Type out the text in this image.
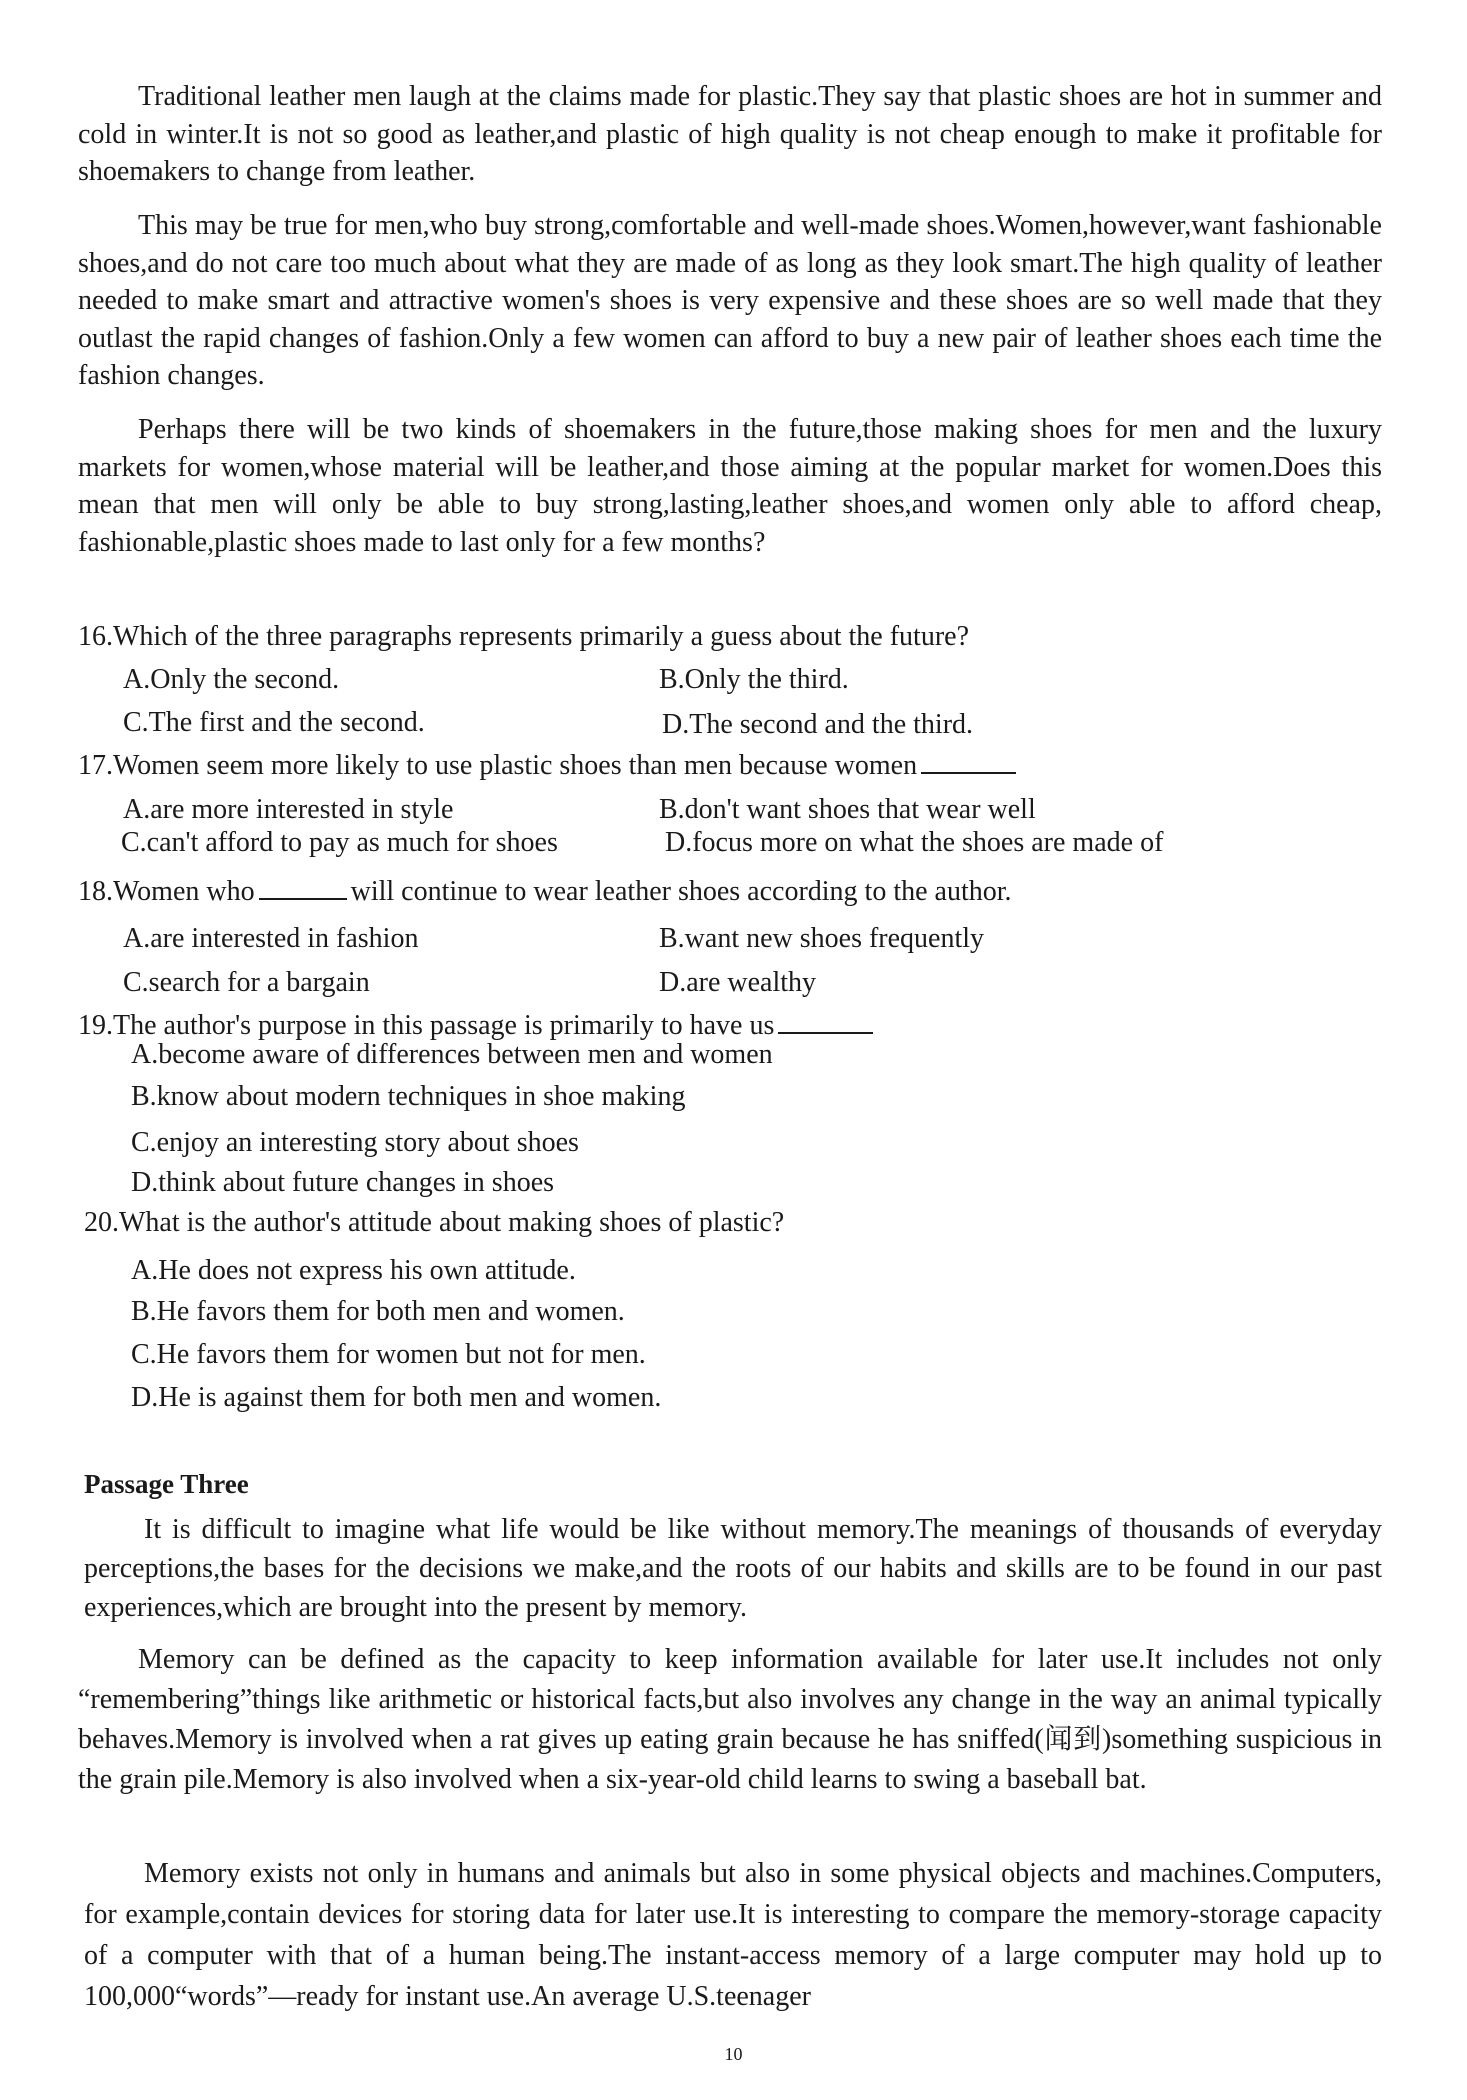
Traditional leather men laugh at the claims made for plastic.They say that plastic shoes are hot in summer and cold in winter.It is not so good as leather,and plastic of high quality is not cheap enough to make it profitable for shoemakers to change from leather.

This may be true for men,who buy strong,comfortable and well-made shoes.Women,however,want fashionable shoes,and do not care too much about what they are made of as long as they look smart.The high quality of leather needed to make smart and attractive women's shoes is very expensive and these shoes are so well made that they outlast the rapid changes of fashion.Only a few women can afford to buy a new pair of leather shoes each time the fashion changes.

Perhaps there will be two kinds of shoemakers in the future,those making shoes for men and the luxury markets for women,whose material will be leather,and those aiming at the popular market for women.Does this mean that men will only be able to buy strong,lasting,leather shoes,and women only able to afford cheap, fashionable,plastic shoes made to last only for a few months?

16.Which of the three paragraphs represents primarily a guess about the future?
A.Only the second.	B.Only the third.
C.The first and the second.	D.The second and the third.
17.Women seem more likely to use plastic shoes than men because women
A.are more interested in style	B.don't want shoes that wear well
C.can't afford to pay as much for shoes	D.focus more on what the shoes are made of
18.Women who	will continue to wear leather shoes according to the author.
A.are interested in fashion	B.want new shoes frequently
C.search for a bargain	D.are wealthy
19.The author's purpose in this passage is primarily to have us
A.become aware of differences between men and women
B.know about modern techniques in shoe making
C.enjoy an interesting story about shoes
D.think about future changes in shoes
20.What is the author's attitude about making shoes of plastic?
A.He does not express his own attitude.
B.He favors them for both men and women.
C.He favors them for women but not for men.
D.He is against them for both men and women.
Passage Three

It is difficult to imagine what life would be like without memory.The meanings of thousands of everyday perceptions,the bases for the decisions we make,and the roots of our habits and skills are to be found in our past experiences,which are brought into the present by memory.

Memory can be defined as the capacity to keep information available for later use.It includes not only “remembering”things like arithmetic or historical facts,but also involves any change in the way an animal typically behaves.Memory is involved when a rat gives up eating grain because he has sniffed(闻到)something suspicious in the grain pile.Memory is also involved when a six-year-old child learns to swing a baseball bat.

Memory exists not only in humans and animals but also in some physical objects and machines.Computers, for example,contain devices for storing data for later use.It is interesting to compare the memory-storage capacity of a computer with that of a human being.The instant-access memory of a large computer may hold up to 100,000“words”—ready for instant use.An average U.S.teenager

10
